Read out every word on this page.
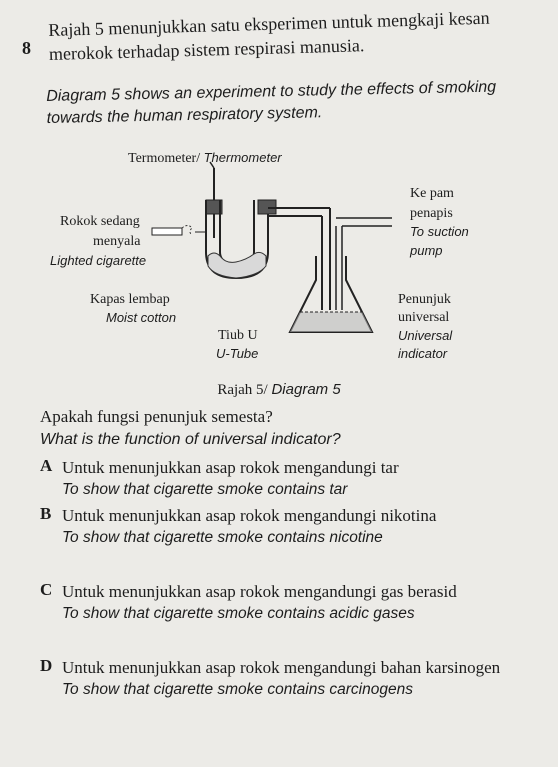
8
Rajah 5 menunjukkan satu eksperimen untuk mengkaji kesan merokok terhadap sistem respirasi manusia.
Diagram 5 shows an experiment to study the effects of smoking towards the human respiratory system.
Termometer/ Thermometer
Rokok sedang
menyala
Lighted cigarette
Kapas lembap
Moist cotton
Tiub U
U-Tube
Ke pam
penapis
To suction
pump
Penunjuk
universal
Universal
indicator
Rajah 5/ Diagram 5
Apakah fungsi penunjuk semesta?
What is the function of universal indicator?
A Untuk menunjukkan asap rokok mengandungi tar
To show that cigarette smoke contains tar
B Untuk menunjukkan asap rokok mengandungi nikotina
To show that cigarette smoke contains nicotine
C Untuk menunjukkan asap rokok mengandungi gas berasid
To show that cigarette smoke contains acidic gases
D Untuk menunjukkan asap rokok mengandungi bahan karsinogen
To show that cigarette smoke contains carcinogens
